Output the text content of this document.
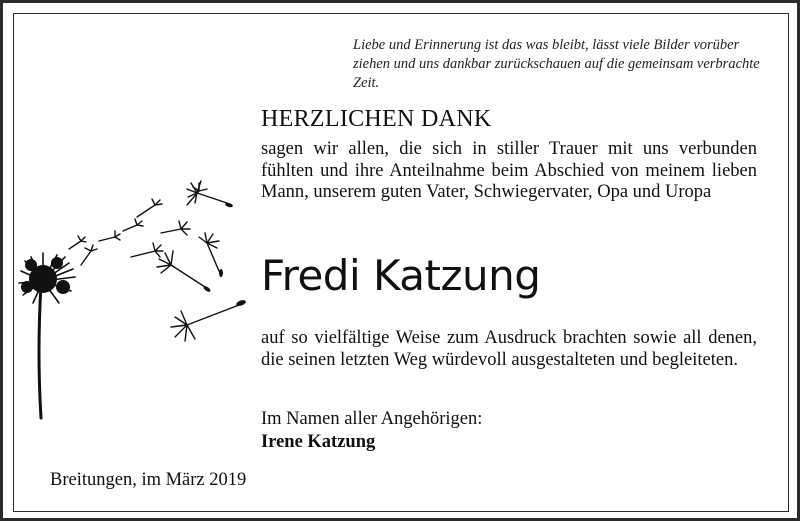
Liebe und Erinnerung ist das was bleibt, lässt viele Bilder vorüber ziehen und uns dankbar zurückschauen auf die gemeinsam verbrachte Zeit.
HERZLICHEN DANK
sagen wir allen, die sich in stiller Trauer mit uns verbunden fühlten und ihre Anteilnahme beim Abschied von meinem lieben Mann, unserem guten Vater, Schwiegervater, Opa und Uropa
Fredi Katzung
auf so vielfältige Weise zum Ausdruck brachten sowie all denen, die seinen letzten Weg würdevoll ausgestalteten und begleiteten.
Im Namen aller Angehörigen:
Irene Katzung
Breitungen, im März 2019
